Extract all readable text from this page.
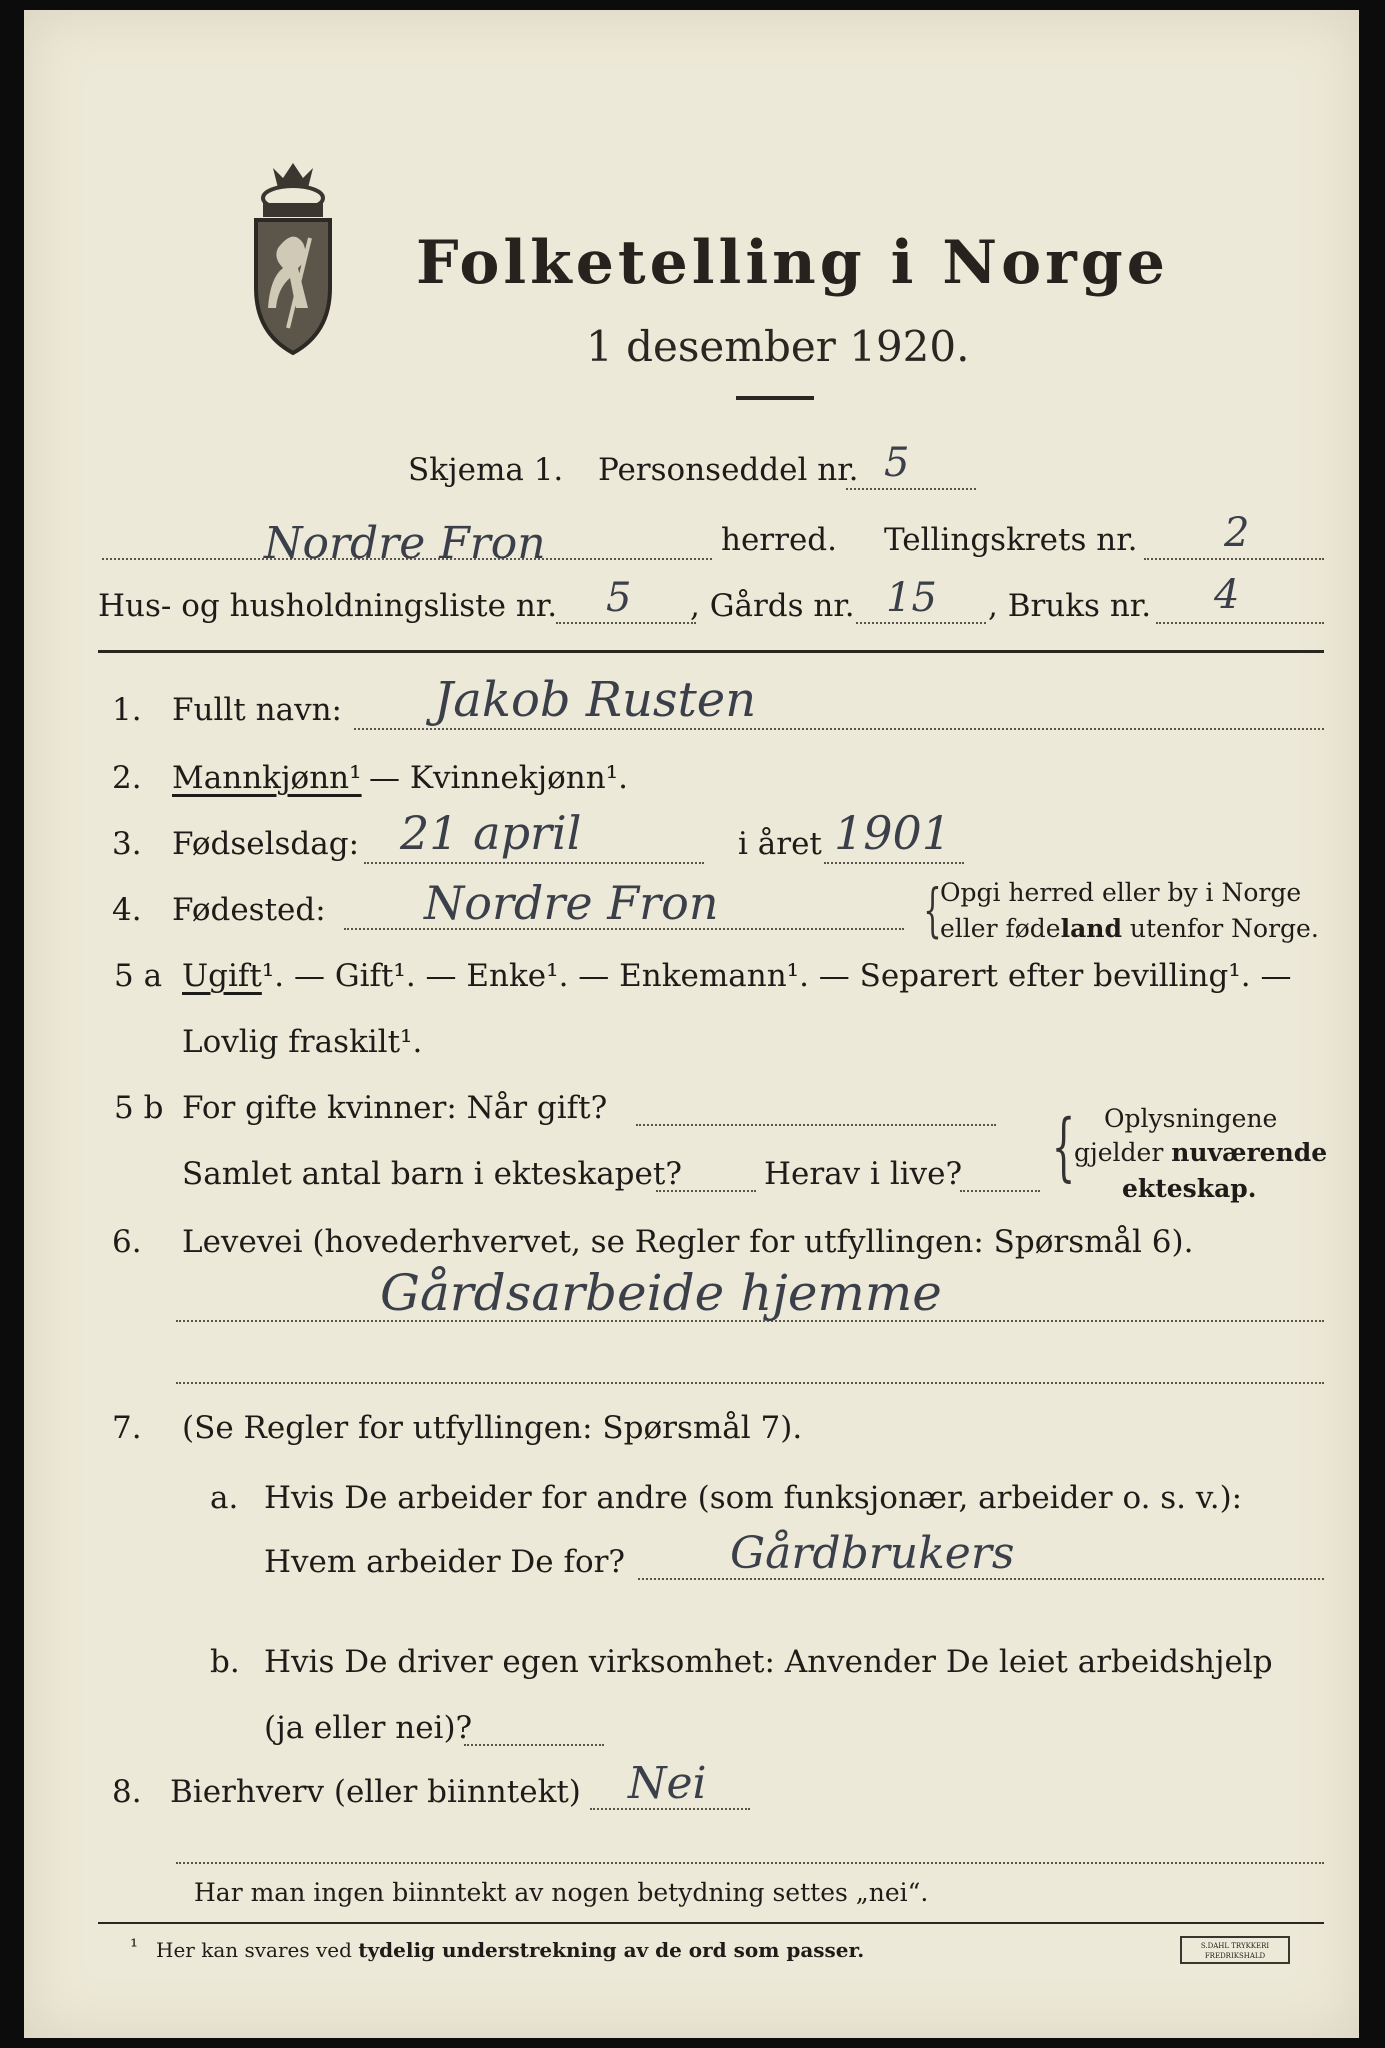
Folketelling i Norge
1 desember 1920.
Skjema 1. Personseddel nr. 5
Nordre Fron	herred. Tellingskrets nr. 2
Hus- og husholdningsliste nr. 5 , Gårds nr. 15 , Bruks nr. 4
1. Fullt navn: Jakob Rusten
2. Mannkjønn¹ — Kvinnekjønn¹.
3. Fødselsdag: 21 april	i året 1901
4. Fødested: Nordre Fron	{
Opgi herred eller by i Norge
eller fødeland utenfor Norge.
5 a Ugift¹. — Gift¹. — Enke¹. — Enkemann¹. — Separert efter bevilling¹. —
Lovlig fraskilt¹.
5 b For gifte kvinner: Når gift?
Samlet antal barn i ekteskapet?	Herav i live? { Oplysningene
gjelder nuværende
ekteskap.
6. Levevei (hovederhvervet, se Regler for utfyllingen: Spørsmål 6).
Gårdsarbeide hjemme
7. (Se Regler for utfyllingen: Spørsmål 7).
a. Hvis De arbeider for andre (som funksjonær, arbeider o. s. v.):
Hvem arbeider De for? Gårdbrukers
b. Hvis De driver egen virksomhet: Anvender De leiet arbeidshjelp
(ja eller nei)?
8. Bierhverv (eller biinntekt) Nei
Har man ingen biinntekt av nogen betydning settes „nei“.
¹ Her kan svares ved tydelig understrekning av de ord som passer.	S.DAHL TRYKKERI FREDRIKSHALD
